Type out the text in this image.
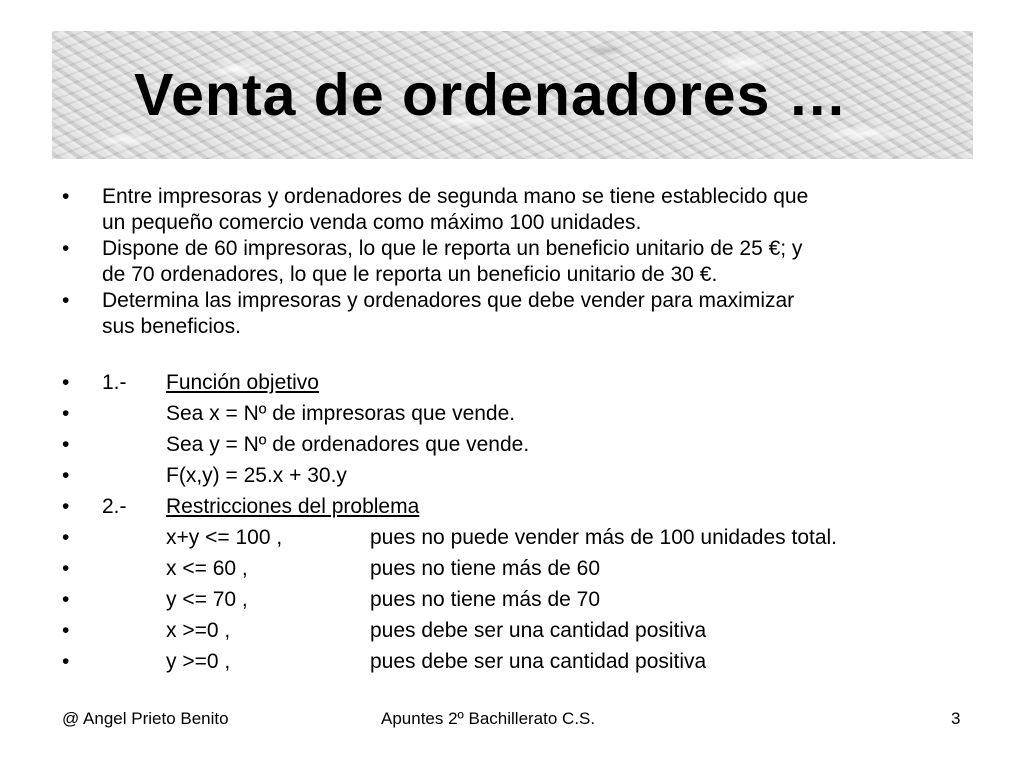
Venta de ordenadores …

• Entre impresoras y ordenadores de segunda mano se tiene establecido que
un pequeño comercio venda como máximo 100 unidades.

• Dispone de 60 impresoras, lo que le reporta un beneficio unitario de 25 €; y
de 70 ordenadores, lo que le reporta un beneficio unitario de 30 €.

• Determina las impresoras y ordenadores que debe vender para maximizar
sus beneficios.

• 1.- Función objetivo

•	Sea x = Nº de impresoras que vende.

•	Sea y = Nº de ordenadores que vende.

•	F(x,y) = 25.x + 30.y

• 2.- Restricciones del problema

•	x+y <= 100 ,	pues no puede vender más de 100 unidades total.

•	x <= 60 ,	pues no tiene más de 60

•	y <= 70 ,	pues no tiene más de 70

•	x >=0 ,	pues debe ser una cantidad positiva

•	y >=0 ,	pues debe ser una cantidad positiva

@ Angel Prieto Benito	Apuntes 2º Bachillerato C.S.	3
